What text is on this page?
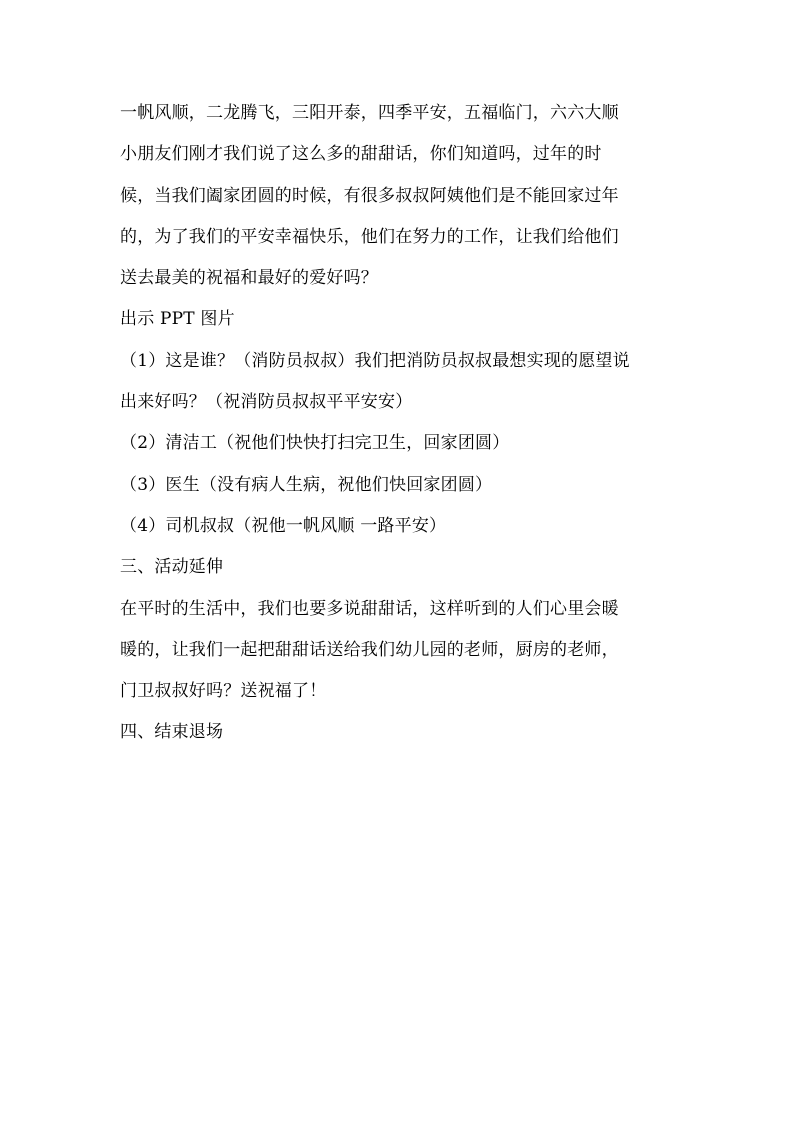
一帆风顺，二龙腾飞，三阳开泰，四季平安，五福临门，六六大顺
小朋友们刚才我们说了这么多的甜甜话，你们知道吗，过年的时
候，当我们阖家团圆的时候，有很多叔叔阿姨他们是不能回家过年
的，为了我们的平安幸福快乐，他们在努力的工作，让我们给他们
送去最美的祝福和最好的爱好吗？
出示 PPT 图片
（1）这是谁？（消防员叔叔）我们把消防员叔叔最想实现的愿望说
出来好吗？（祝消防员叔叔平平安安）
（2）清洁工（祝他们快快打扫完卫生，回家团圆）
（3）医生（没有病人生病，祝他们快回家团圆）
（4）司机叔叔（祝他一帆风顺 一路平安）
三、活动延伸
在平时的生活中，我们也要多说甜甜话，这样听到的人们心里会暖
暖的，让我们一起把甜甜话送给我们幼儿园的老师，厨房的老师，
门卫叔叔好吗？送祝福了！
四、结束退场
